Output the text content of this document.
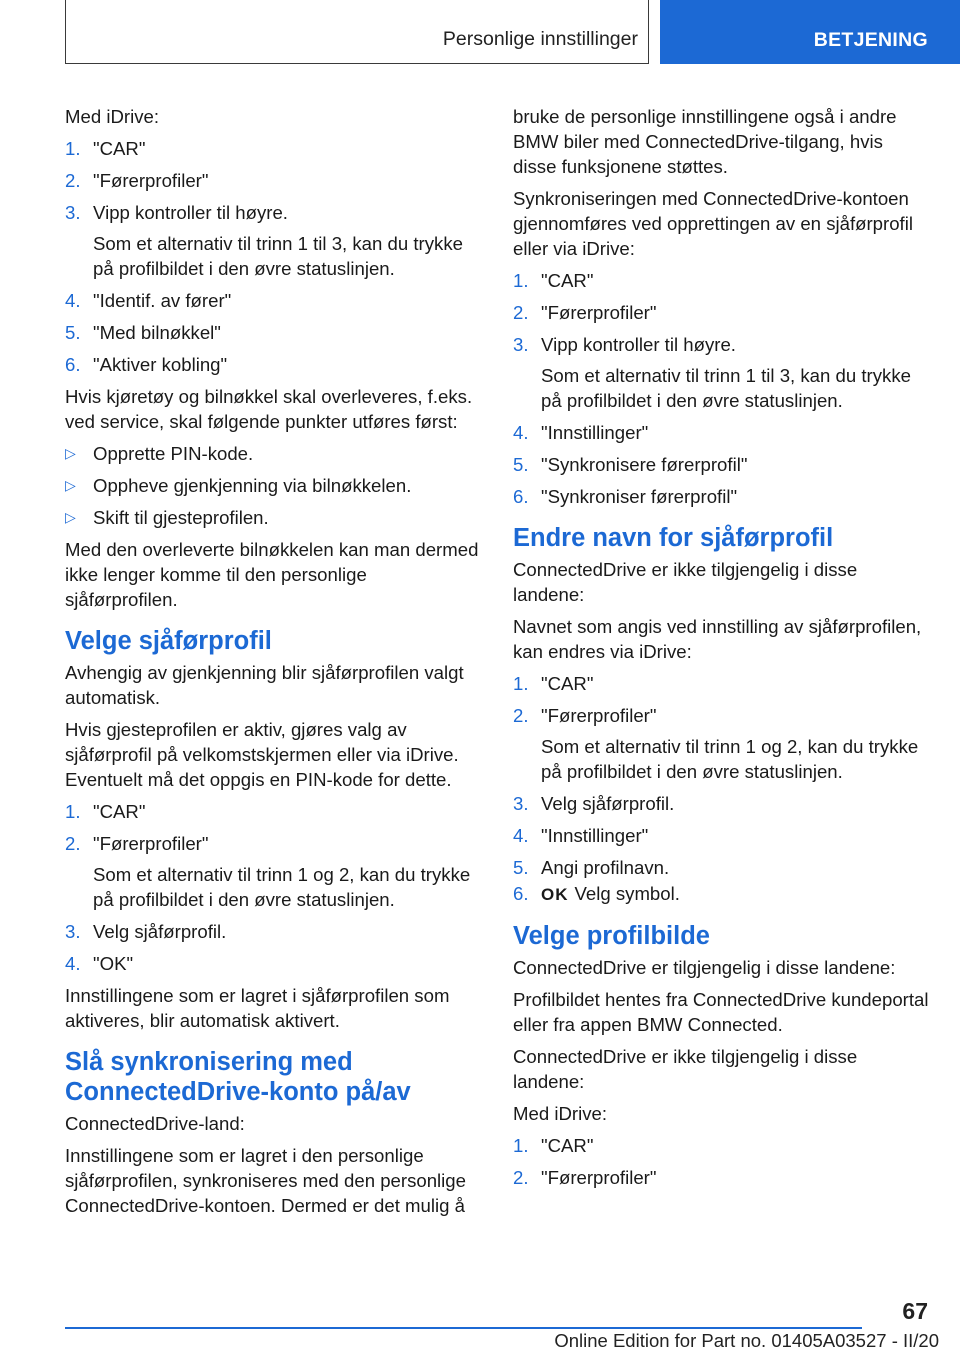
Personlige innstillinger	BETJENING

Med iDrive:

1. "CAR"
2. "Førerprofiler"
3. Vipp kontroller til høyre.
Som et alternativ til trinn 1 til 3, kan du trykke på profilbildet i den øvre statuslinjen.
4. "Identif. av fører"
5. "Med bilnøkkel"
6. "Aktiver kobling"

Hvis kjøretøy og bilnøkkel skal overleveres, f.eks. ved service, skal følgende punkter utføres først:

▷ Opprette PIN-kode.
▷ Oppheve gjenkjenning via bilnøkkelen.
▷ Skift til gjesteprofilen.

Med den overleverte bilnøkkelen kan man dermed ikke lenger komme til den personlige sjåførprofilen.

Velge sjåførprofil

Avhengig av gjenkjenning blir sjåførprofilen valgt automatisk.

Hvis gjesteprofilen er aktiv, gjøres valg av sjåførprofil på velkomstskjermen eller via iDrive. Eventuelt må det oppgis en PIN-kode for dette.

1. "CAR"
2. "Førerprofiler"
Som et alternativ til trinn 1 og 2, kan du trykke på profilbildet i den øvre statuslinjen.
3. Velg sjåførprofil.
4. "OK"

Innstillingene som er lagret i sjåførprofilen som aktiveres, blir automatisk aktivert.

Slå synkronisering med ConnectedDrive-konto på/av

ConnectedDrive-land:

Innstillingene som er lagret i den personlige sjåførprofilen, synkroniseres med den personlige ConnectedDrive-kontoen. Dermed er det mulig å

bruke de personlige innstillingene også i andre BMW biler med ConnectedDrive-tilgang, hvis disse funksjonene støttes.

Synkroniseringen med ConnectedDrive-kontoen gjennomføres ved opprettingen av en sjåførprofil eller via iDrive:

1. "CAR"
2. "Førerprofiler"
3. Vipp kontroller til høyre.
Som et alternativ til trinn 1 til 3, kan du trykke på profilbildet i den øvre statuslinjen.
4. "Innstillinger"
5. "Synkronisere førerprofil"
6. "Synkroniser førerprofil"
Endre navn for sjåførprofil

ConnectedDrive er ikke tilgjengelig i disse landene:

Navnet som angis ved innstilling av sjåførprofilen, kan endres via iDrive:

1. "CAR"
2. "Førerprofiler"
Som et alternativ til trinn 1 og 2, kan du trykke på profilbildet i den øvre statuslinjen.
3. Velg sjåførprofil.
4. "Innstillinger"
5. Angi profilnavn.
6. OK Velg symbol.
Velge profilbilde

ConnectedDrive er tilgjengelig i disse landene:

Profilbildet hentes fra ConnectedDrive kundeportal eller fra appen BMW Connected.

ConnectedDrive er ikke tilgjengelig i disse landene:

Med iDrive:

1. "CAR"
2. "Førerprofiler"
67
Online Edition for Part no. 01405A03527 - II/20
